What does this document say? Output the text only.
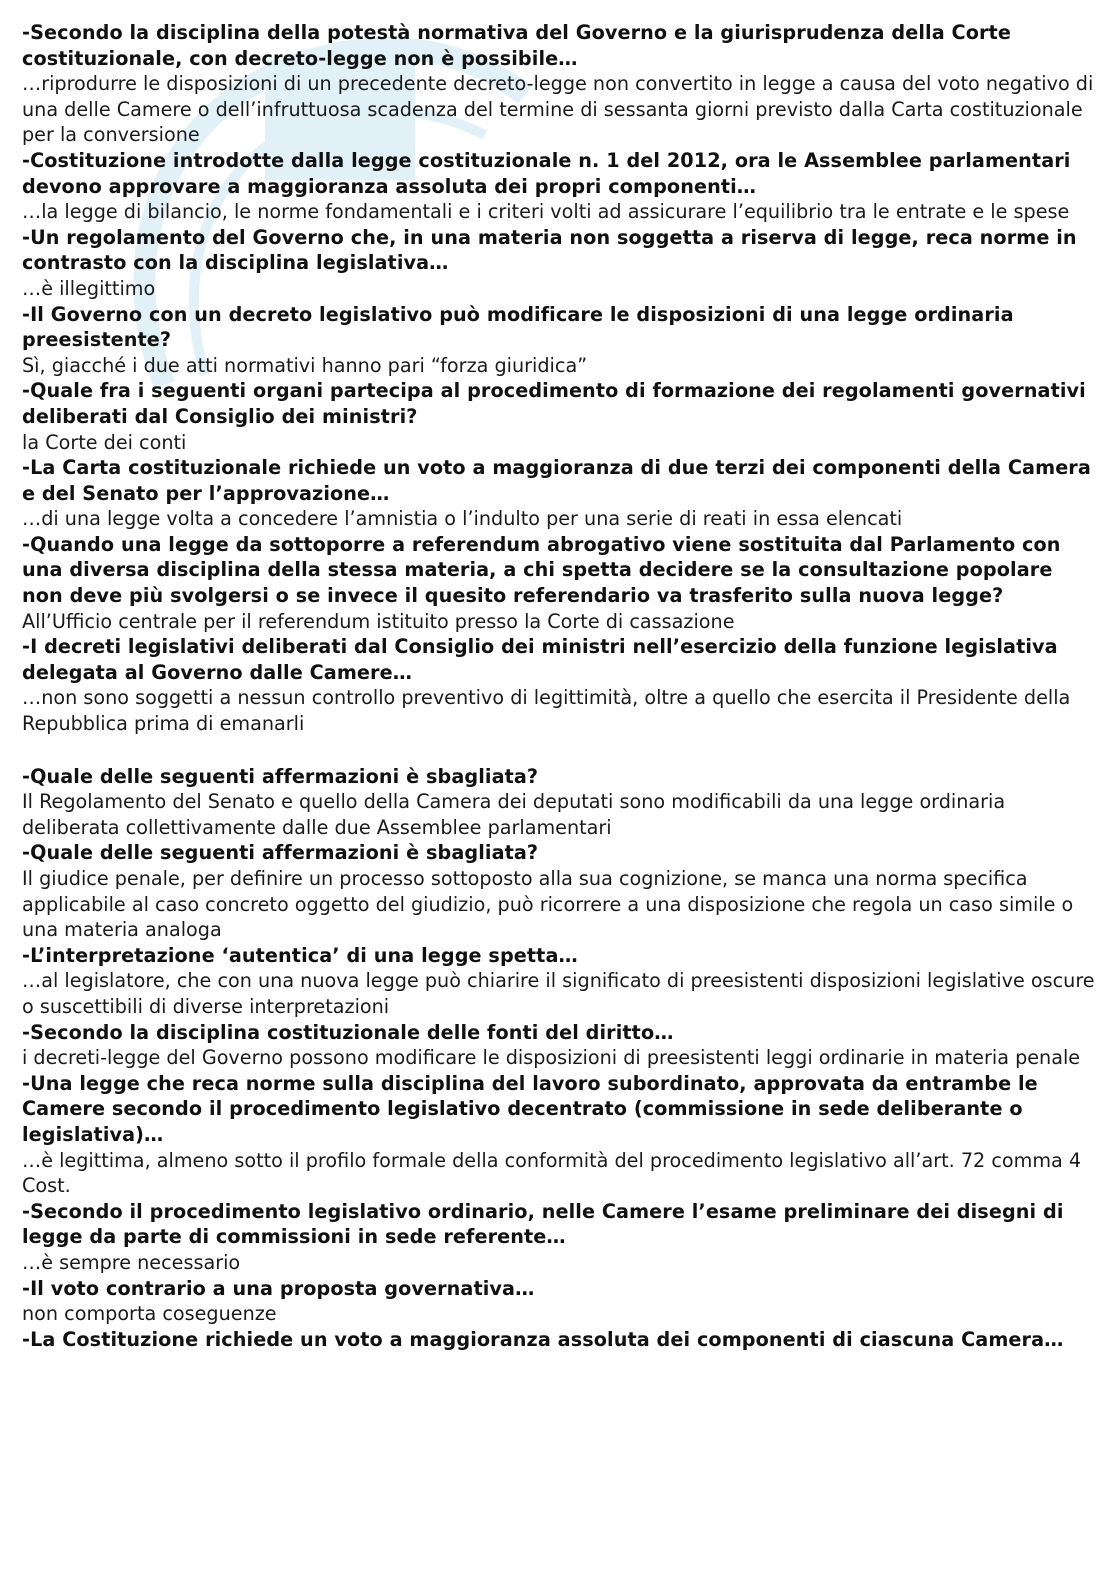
-Secondo la disciplina della potestà normativa del Governo e la giurisprudenza della Corte costituzionale, con decreto-legge non è possibile…

…riprodurre le disposizioni di un precedente decreto-legge non convertito in legge a causa del voto negativo di una delle Camere o dell’infruttuosa scadenza del termine di sessanta giorni previsto dalla Carta costituzionale per la conversione

-Costituzione introdotte dalla legge costituzionale n. 1 del 2012, ora le Assemblee parlamentari devono approvare a maggioranza assoluta dei propri componenti…

…la legge di bilancio, le norme fondamentali e i criteri volti ad assicurare l’equilibrio tra le entrate e le spese

-Un regolamento del Governo che, in una materia non soggetta a riserva di legge, reca norme in contrasto con la disciplina legislativa…

…è illegittimo

-Il Governo con un decreto legislativo può modificare le disposizioni di una legge ordinaria preesistente?

Sì, giacché i due atti normativi hanno pari “forza giuridica”

-Quale fra i seguenti organi partecipa al procedimento di formazione dei regolamenti governativi deliberati dal Consiglio dei ministri?

la Corte dei conti

-La Carta costituzionale richiede un voto a maggioranza di due terzi dei componenti della Camera e del Senato per l’approvazione…

…di una legge volta a concedere l’amnistia o l’indulto per una serie di reati in essa elencati

-Quando una legge da sottoporre a referendum abrogativo viene sostituita dal Parlamento con una diversa disciplina della stessa materia, a chi spetta decidere se la consultazione popolare non deve più svolgersi o se invece il quesito referendario va trasferito sulla nuova legge?

All’Ufficio centrale per il referendum istituito presso la Corte di cassazione

-I decreti legislativi deliberati dal Consiglio dei ministri nell’esercizio della funzione legislativa delegata al Governo dalle Camere…

…non sono soggetti a nessun controllo preventivo di legittimità, oltre a quello che esercita il Presidente della Repubblica prima di emanarli

-Quale delle seguenti affermazioni è sbagliata?

Il Regolamento del Senato e quello della Camera dei deputati sono modificabili da una legge ordinaria deliberata collettivamente dalle due Assemblee parlamentari

-Quale delle seguenti affermazioni è sbagliata?

Il giudice penale, per definire un processo sottoposto alla sua cognizione, se manca una norma specifica applicabile al caso concreto oggetto del giudizio, può ricorrere a una disposizione che regola un caso simile o una materia analoga

-L’interpretazione ‘autentica’ di una legge spetta…

…al legislatore, che con una nuova legge può chiarire il significato di preesistenti disposizioni legislative oscure o suscettibili di diverse interpretazioni

-Secondo la disciplina costituzionale delle fonti del diritto…

i decreti-legge del Governo possono modificare le disposizioni di preesistenti leggi ordinarie in materia penale

-Una legge che reca norme sulla disciplina del lavoro subordinato, approvata da entrambe le Camere secondo il procedimento legislativo decentrato (commissione in sede deliberante o legislativa)…

…è legittima, almeno sotto il profilo formale della conformità del procedimento legislativo all’art. 72 comma 4 Cost.

-Secondo il procedimento legislativo ordinario, nelle Camere l’esame preliminare dei disegni di legge da parte di commissioni in sede referente…

…è sempre necessario

-Il voto contrario a una proposta governativa…

non comporta coseguenze

-La Costituzione richiede un voto a maggioranza assoluta dei componenti di ciascuna Camera…
